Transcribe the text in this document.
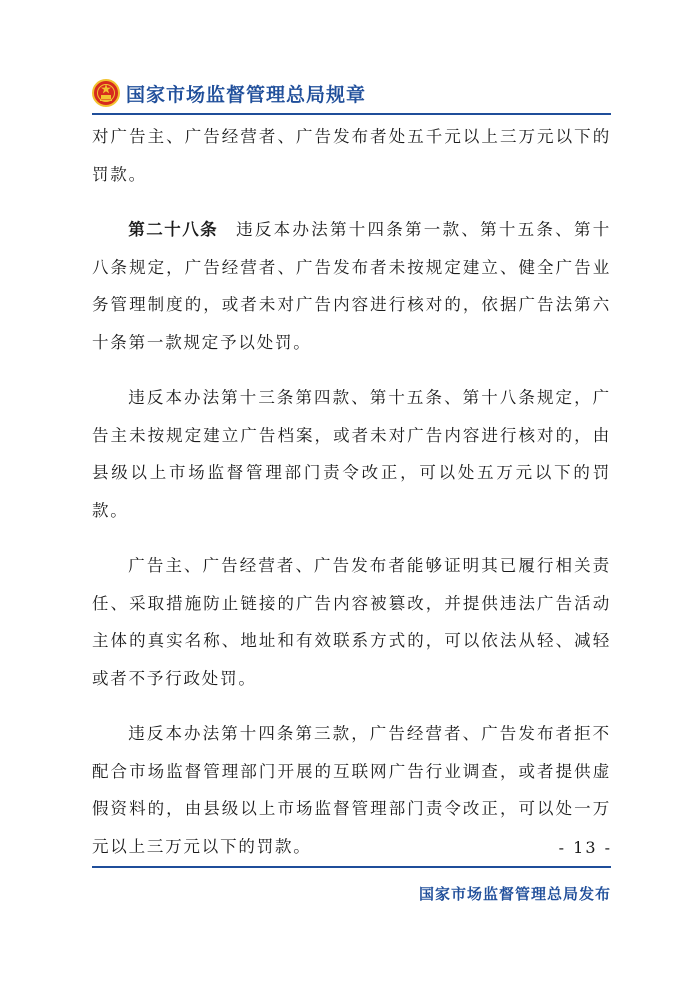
国家市场监督管理总局规章

对广告主、广告经营者、广告发布者处五千元以上三万元以下的罚款。

第二十八条 违反本办法第十四条第一款、第十五条、第十八条规定，广告经营者、广告发布者未按规定建立、健全广告业务管理制度的，或者未对广告内容进行核对的，依据广告法第六十条第一款规定予以处罚。

违反本办法第十三条第四款、第十五条、第十八条规定，广告主未按规定建立广告档案，或者未对广告内容进行核对的，由县级以上市场监督管理部门责令改正，可以处五万元以下的罚款。

广告主、广告经营者、广告发布者能够证明其已履行相关责任、采取措施防止链接的广告内容被篡改，并提供违法广告活动主体的真实名称、地址和有效联系方式的，可以依法从轻、减轻或者不予行政处罚。

违反本办法第十四条第三款，广告经营者、广告发布者拒不配合市场监督管理部门开展的互联网广告行业调查，或者提供虚假资料的，由县级以上市场监督管理部门责令改正，可以处一万元以上三万元以下的罚款。	- 13 -
国家市场监督管理总局发布
